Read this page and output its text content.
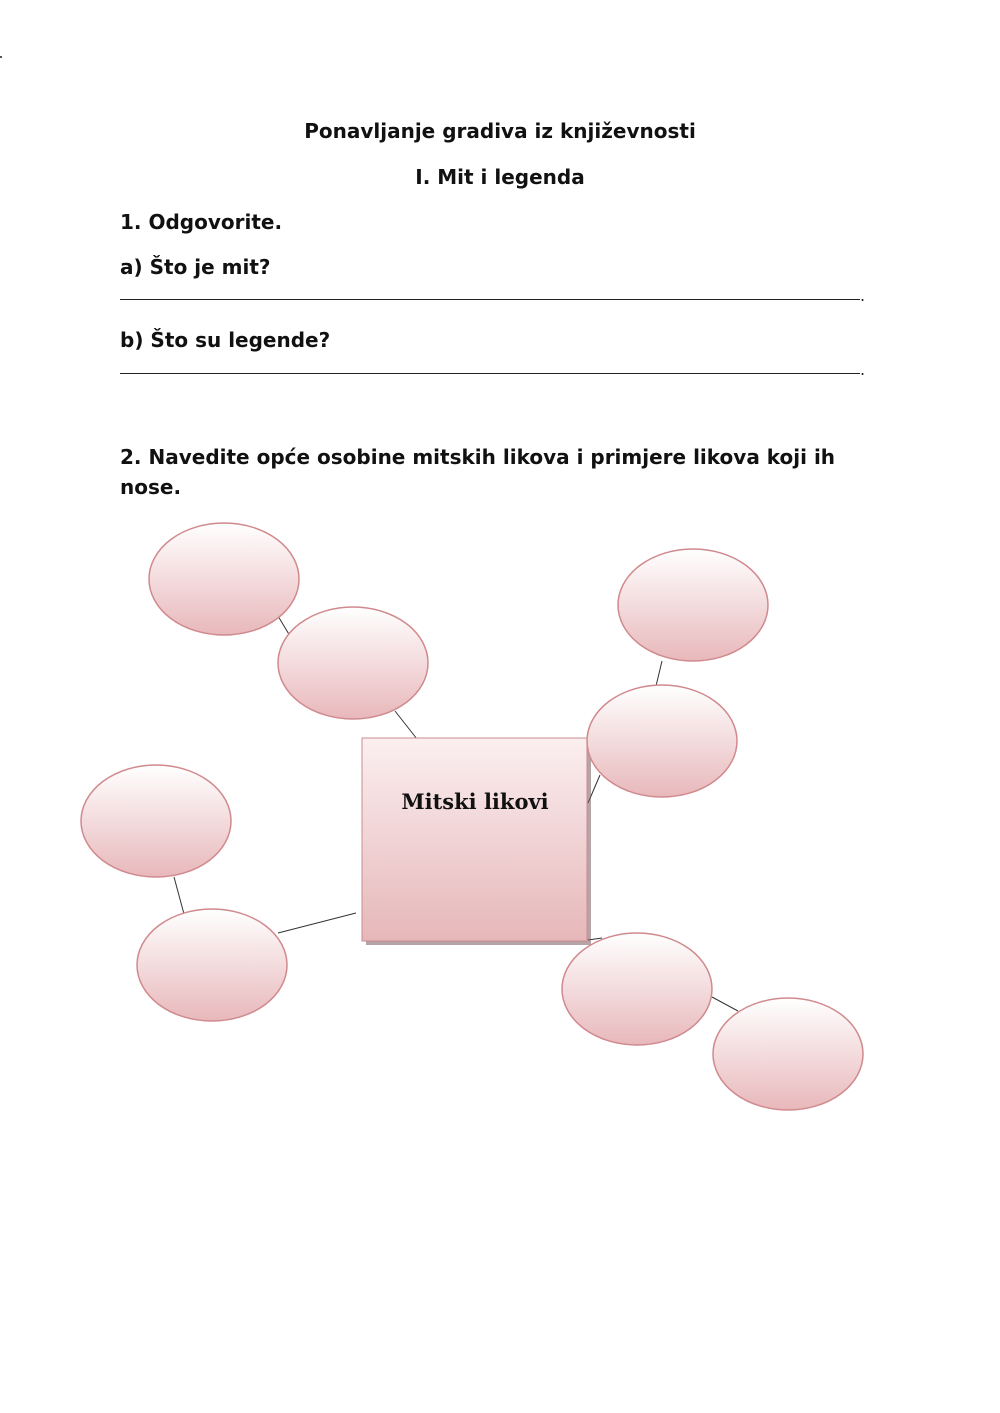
Ponavljanje gradiva iz književnosti
I. Mit i legenda
1. Odgovorite.
a) Što je mit?
.
b) Što su legende?
.
2. Navedite opće osobine mitskih likova i primjere likova koji ih nose.
Mitski likovi
